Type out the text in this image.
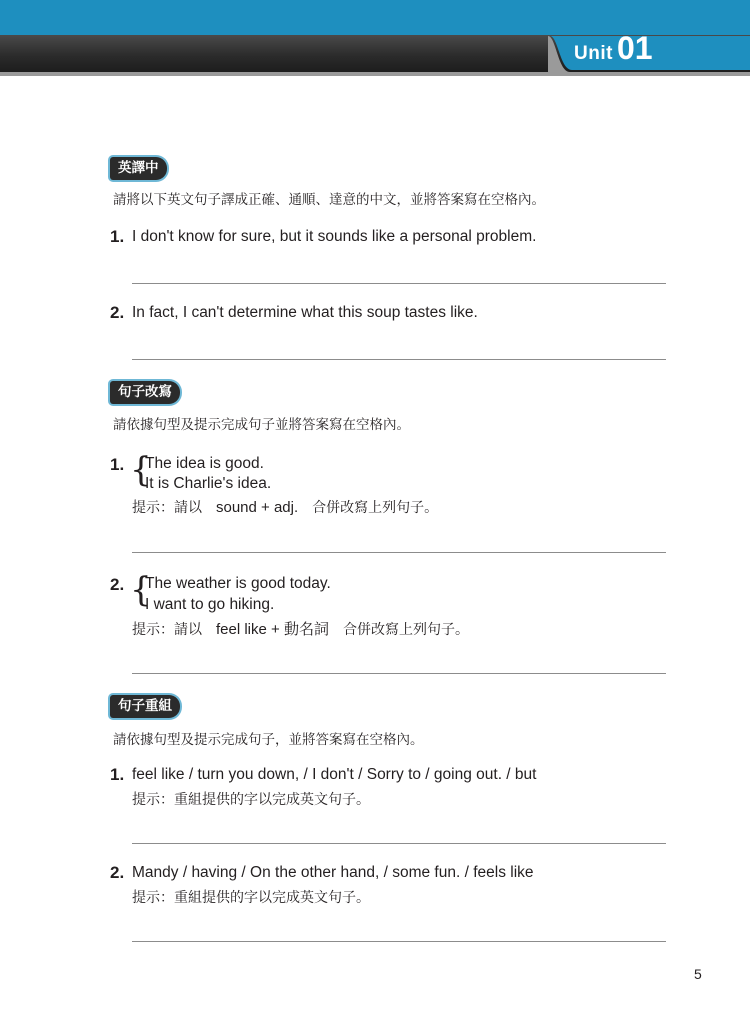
Unit 01
英譯中
請將以下英文句子譯成正確、通順、達意的中文，並將答案寫在空格內。
1. I don't know for sure, but it sounds like a personal problem.
2. In fact, I can't determine what this soup tastes like.
句子改寫
請依據句型及提示完成句子並將答案寫在空格內。
1. {
The idea is good.
It is Charlie's idea.
提示：請以 sound + adj. 合併改寫上列句子。
2. {
The weather is good today.
I want to go hiking.
提示：請以 feel like + 動名詞 合併改寫上列句子。
句子重組
請依據句型及提示完成句子，並將答案寫在空格內。
1. feel like / turn you down, / I don't / Sorry to / going out. / but
提示：重組提供的字以完成英文句子。
2. Mandy / having / On the other hand, / some fun. / feels like
提示：重組提供的字以完成英文句子。
5
